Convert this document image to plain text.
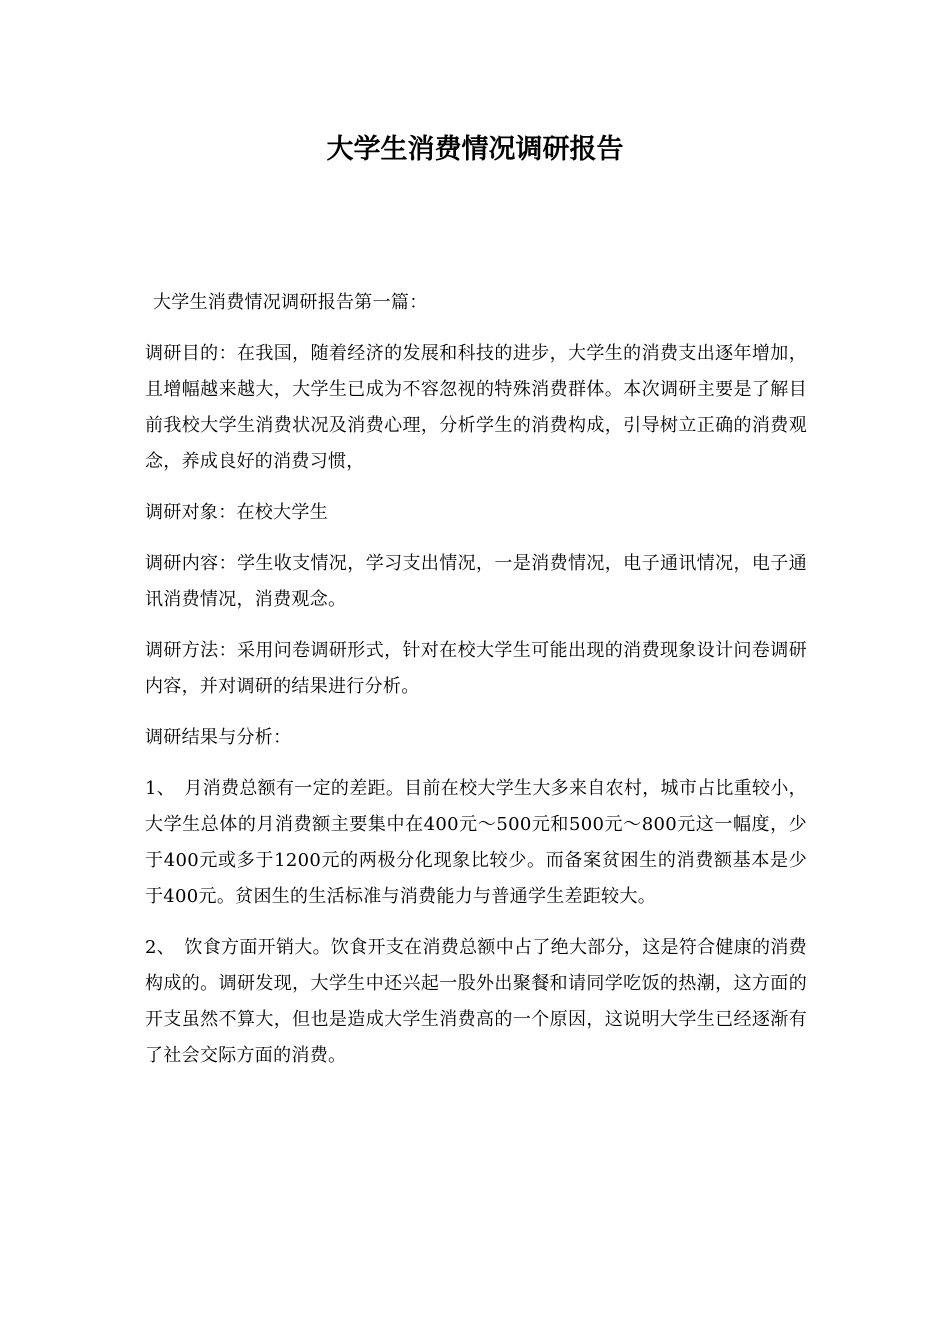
大学生消费情况调研报告

大学生消费情况调研报告第一篇：

调研目的：在我国，随着经济的发展和科技的进步，大学生的消费支出逐年增加，且增幅越来越大，大学生已成为不容忽视的特殊消费群体。本次调研主要是了解目前我校大学生消费状况及消费心理，分析学生的消费构成，引导树立正确的消费观念，养成良好的消费习惯，

调研对象：在校大学生

调研内容：学生收支情况，学习支出情况，一是消费情况，电子通讯情况，电子通讯消费情况，消费观念。

调研方法：采用问卷调研形式，针对在校大学生可能出现的消费现象设计问卷调研内容，并对调研的结果进行分析。

调研结果与分析：

1、　月消费总额有一定的差距。目前在校大学生大多来自农村，城市占比重较小，大学生总体的月消费额主要集中在400元～500元和500元～800元这一幅度，少于400元或多于1200元的两极分化现象比较少。而备案贫困生的消费额基本是少于400元。贫困生的生活标准与消费能力与普通学生差距较大。

2、　饮食方面开销大。饮食开支在消费总额中占了绝大部分，这是符合健康的消费构成的。调研发现，大学生中还兴起一股外出聚餐和请同学吃饭的热潮，这方面的开支虽然不算大，但也是造成大学生消费高的一个原因，这说明大学生已经逐渐有了社会交际方面的消费。
